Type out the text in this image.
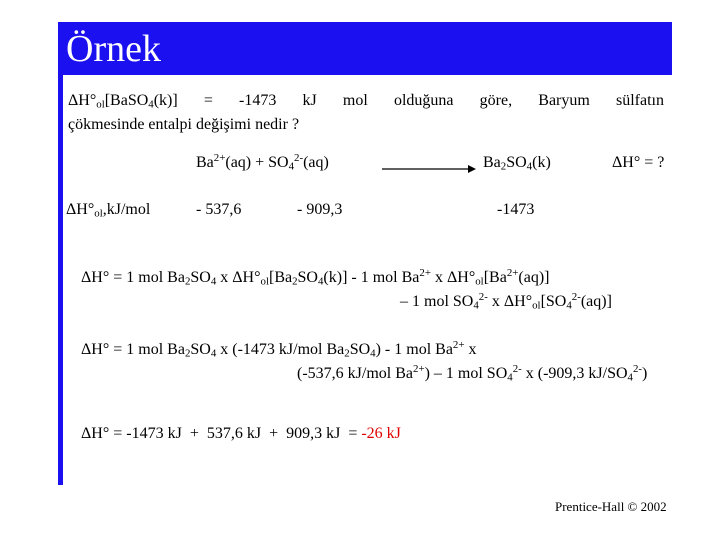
Örnek
$\Delta H^\circ_{ol}[BaSO_4(k)] = -1473$ kJ mol olduğuna göre, Baryum sülfatın
çökmesinde entalpi değişimi nedir ?
$Ba^{2+}(aq) + SO_4^{2-}(aq)$	$Ba_2SO_4(k)$	ΔH° = ?
$\Delta H^\circ_{ol},kJ$/mol	- 537,6	- 909,3	-1473
ΔH° = 1 mol $Ba_2SO_4$ x $\Delta H^\circ_{ol}[Ba_2SO_4(k)] - 1$ mol $Ba^{2+}$ x $\Delta H^\circ_{ol}[Ba^{2+}(aq)]$
– 1 mol $SO_4^{2-}$ x $\Delta H^\circ_{ol}[SO_4^{2-}(aq)]$
ΔH° = 1 mol $Ba_2SO_4$ x (-1473 kJ/mol $Ba_2SO_4) - 1$ mol $Ba^{2+}$ x
(-537,6 kJ/mol $Ba^{2+}) - 1$ mol $SO_4^{2-}$ x (-909,3 $kJ/SO_4^{2-}$)
ΔH° = -1473 kJ  +  537,6 kJ  +  909,3 kJ  = -26 kJ
Prentice-Hall © 2002
